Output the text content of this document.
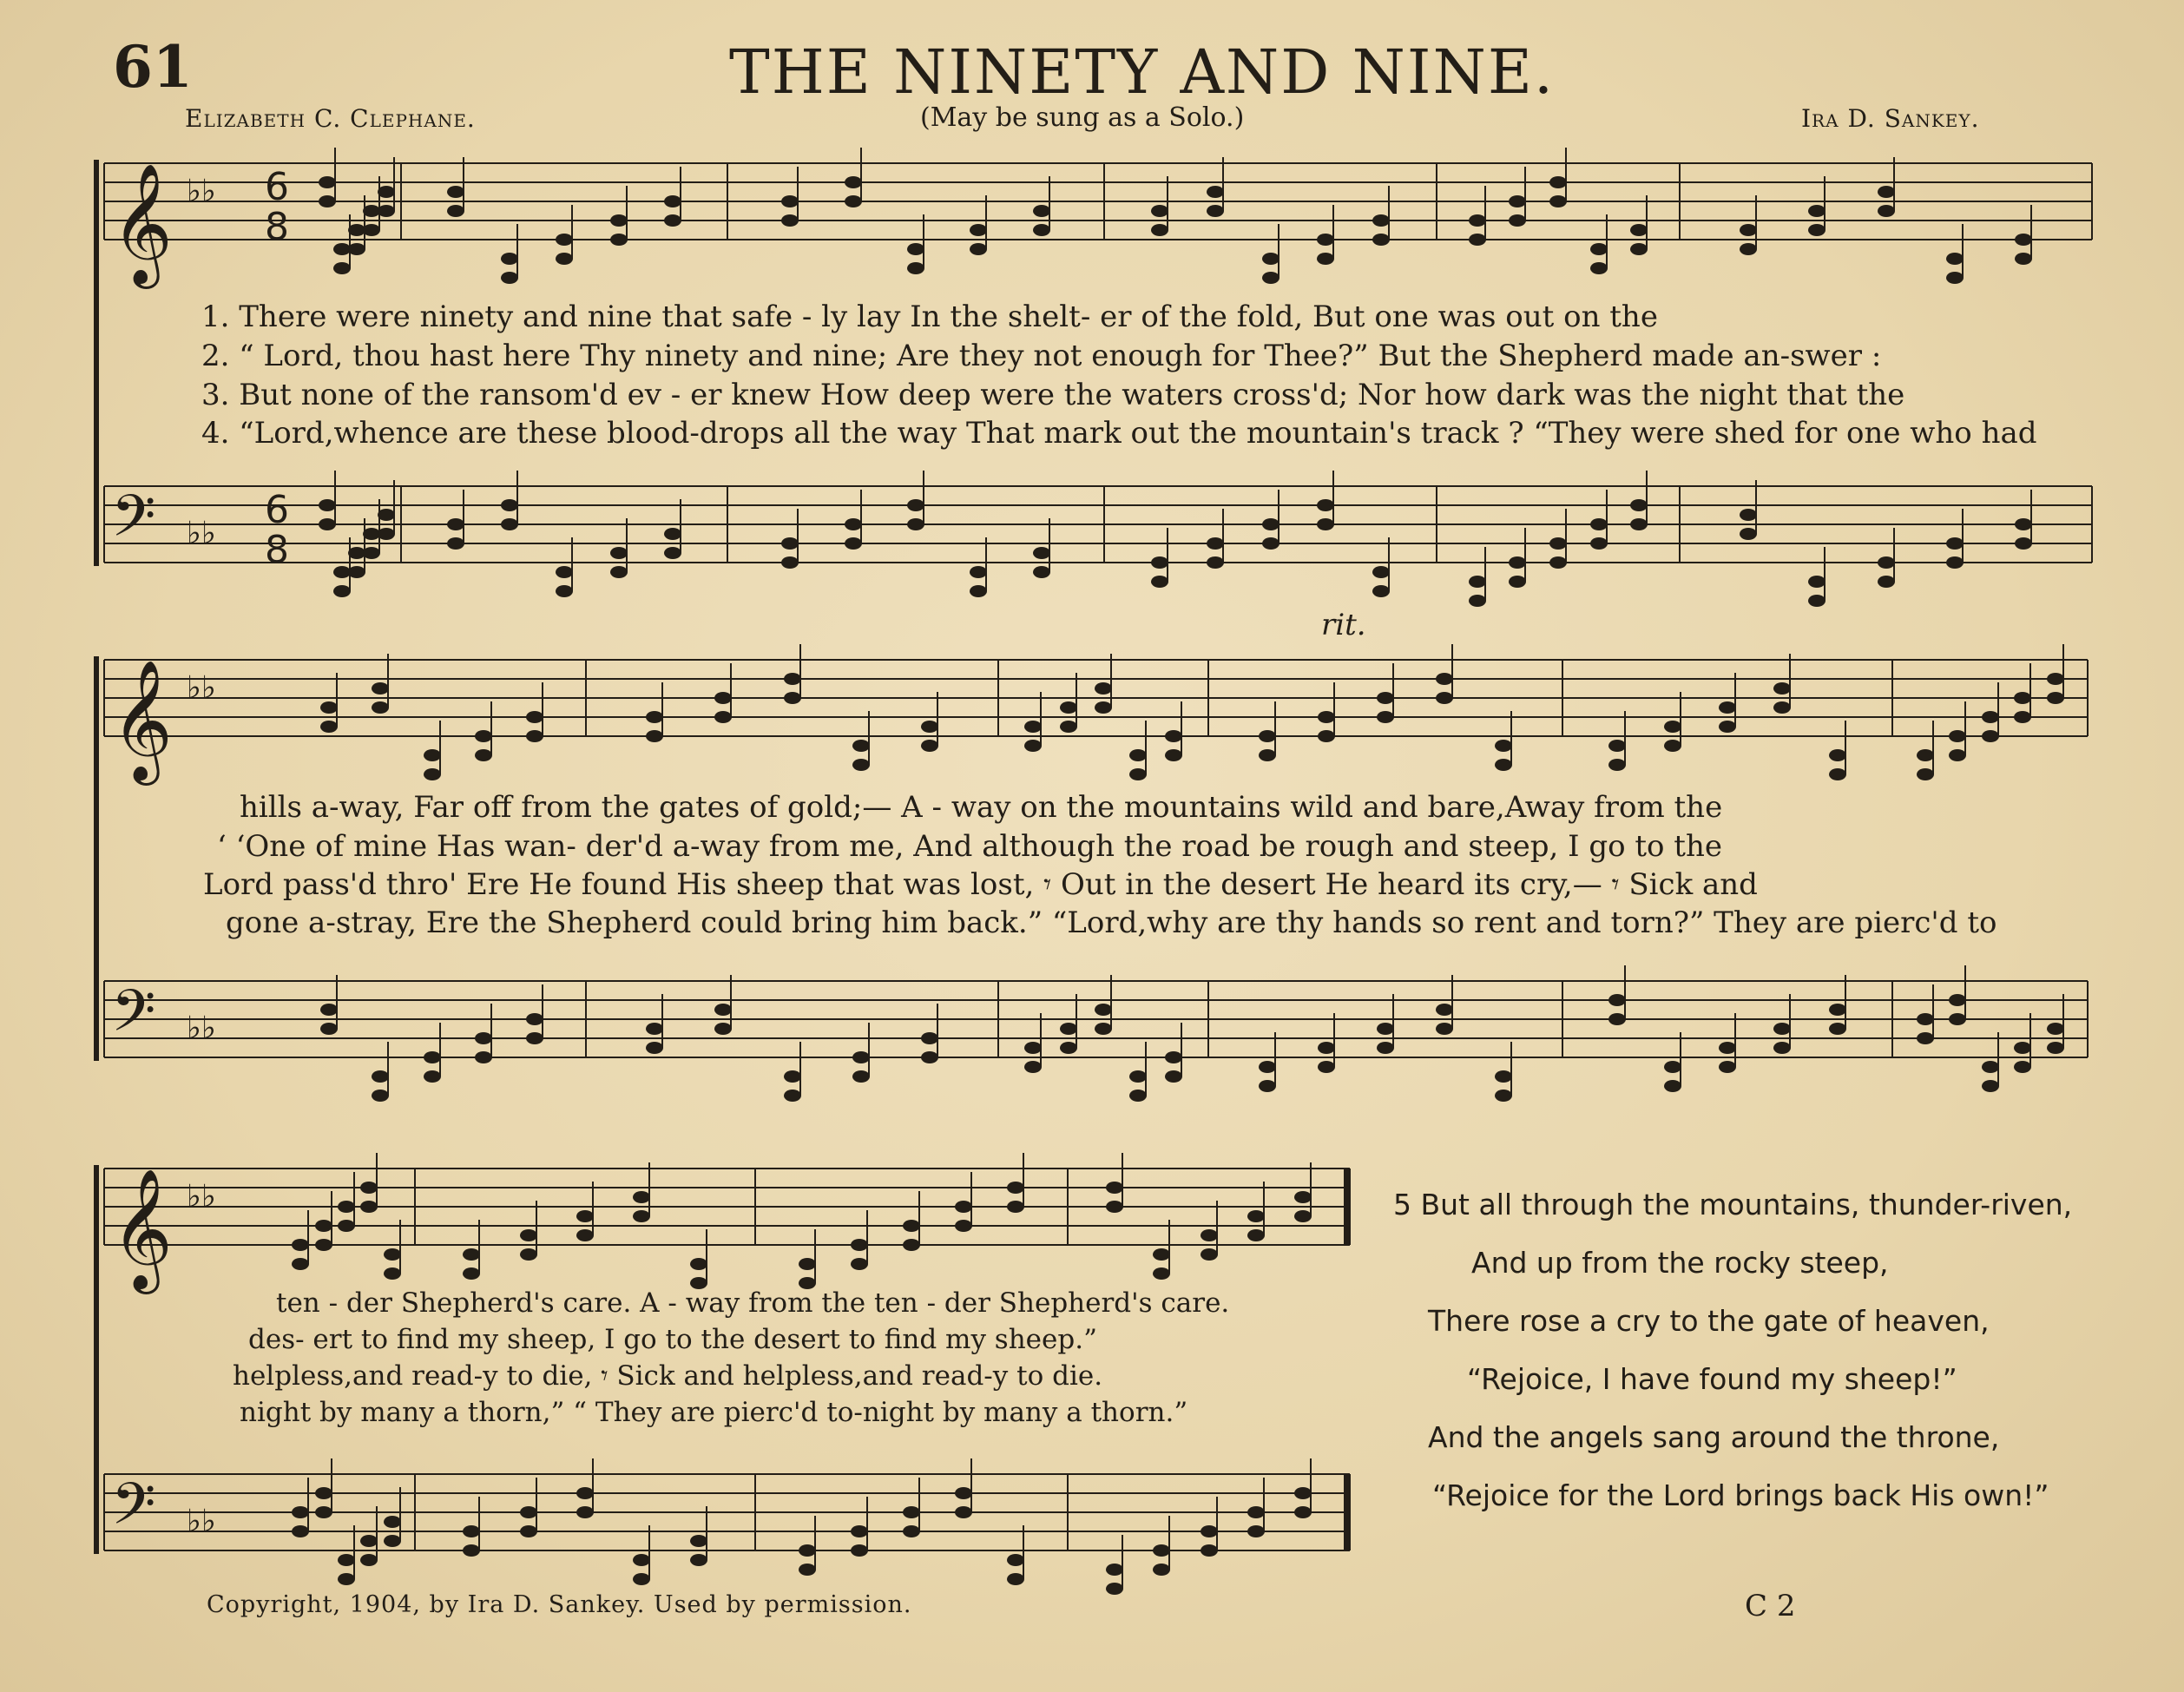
61	THE NINETY AND NINE.
Elizabeth C. Clephane.	(May be sung as a Solo.)	Ira D. Sankey.
𝄞
𝄢
♭♭
♭♭
6
8
6
8
𝄞
𝄢
♭♭
♭♭
𝄞
𝄢
♭♭
♭♭
rit.
1. There were ninety and nine that safe - ly lay In the shelt- er of the fold, But one was out on the
2. “ Lord, thou hast here Thy ninety and nine; Are they not enough for Thee?” But the Shepherd made an-swer :
3. But none of the ransom'd ev - er knew How deep were the waters cross'd; Nor how dark was the night that the
4. “Lord,whence are these blood-drops all the way That mark out the mountain's track ? “They were shed for one who had
hills a-way, Far off from the gates of gold;— A - way on the mountains wild and bare,Away from the
‘ ‘One of mine Has wan- der'd a-way from me, And although the road be rough and steep, I go to the
Lord pass'd thro' Ere He found His sheep that was lost, 𝄾 Out in the desert He heard its cry,— 𝄾 Sick and
gone a-stray, Ere the Shepherd could bring him back.” “Lord,why are thy hands so rent and torn?” They are pierc'd to
ten - der Shepherd's care. A - way from the ten - der Shepherd's care.
des- ert to find my sheep, I go to the desert to find my sheep.”
helpless,and read-y to die, 𝄾 Sick and helpless,and read-y to die.
night by many a thorn,” “ They are pierc'd to-night by many a thorn.”
5 But all through the mountains, thunder-riven,
And up from the rocky steep,
There rose a cry to the gate of heaven,
“Rejoice, I have found my sheep!”
And the angels sang around the throne,
“Rejoice for the Lord brings back His own!”
Copyright, 1904, by Ira D. Sankey. Used by permission.	C 2
